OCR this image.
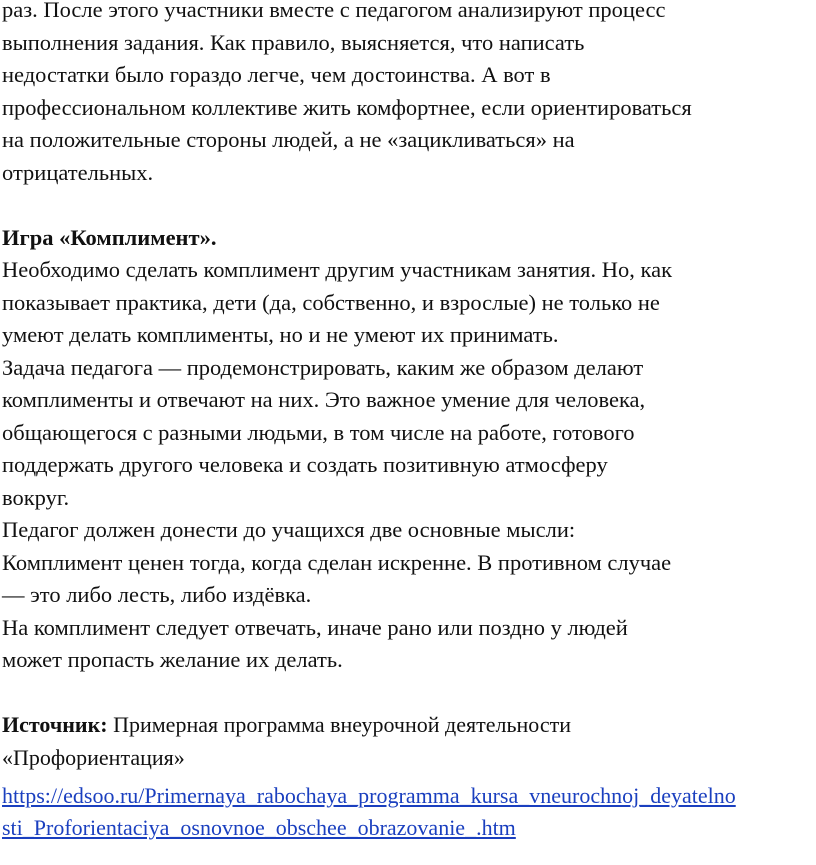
раз. После этого участники вместе с педагогом анализируют процесс
выполнения задания. Как правило, выясняется, что написать
недостатки было гораздо легче, чем достоинства. А вот в
профессиональном коллективе жить комфортнее, если ориентироваться
на положительные стороны людей, а не «зацикливаться» на
отрицательных.
Игра «Комплимент».
Необходимо сделать комплимент другим участникам занятия. Но, как
показывает практика, дети (да, собственно, и взрослые) не только не
умеют делать комплименты, но и не умеют их принимать.
Задача педагога — продемонстрировать, каким же образом делают
комплименты и отвечают на них. Это важное умение для человека,
общающегося с разными людьми, в том числе на работе, готового
поддержать другого человека и создать позитивную атмосферу
вокруг.
Педагог должен донести до учащихся две основные мысли:
Комплимент ценен тогда, когда сделан искренне. В противном случае
— это либо лесть, либо издёвка.
На комплимент следует отвечать, иначе рано или поздно у людей
может пропасть желание их делать.
Источник: Примерная программа внеурочной деятельности
«Профориентация»
https://edsoo.ru/Primernaya_rabochaya_programma_kursa_vneurochnoj_deyatelno
sti_Proforientaciya_osnovnoe_obschee_obrazovanie_.htm
